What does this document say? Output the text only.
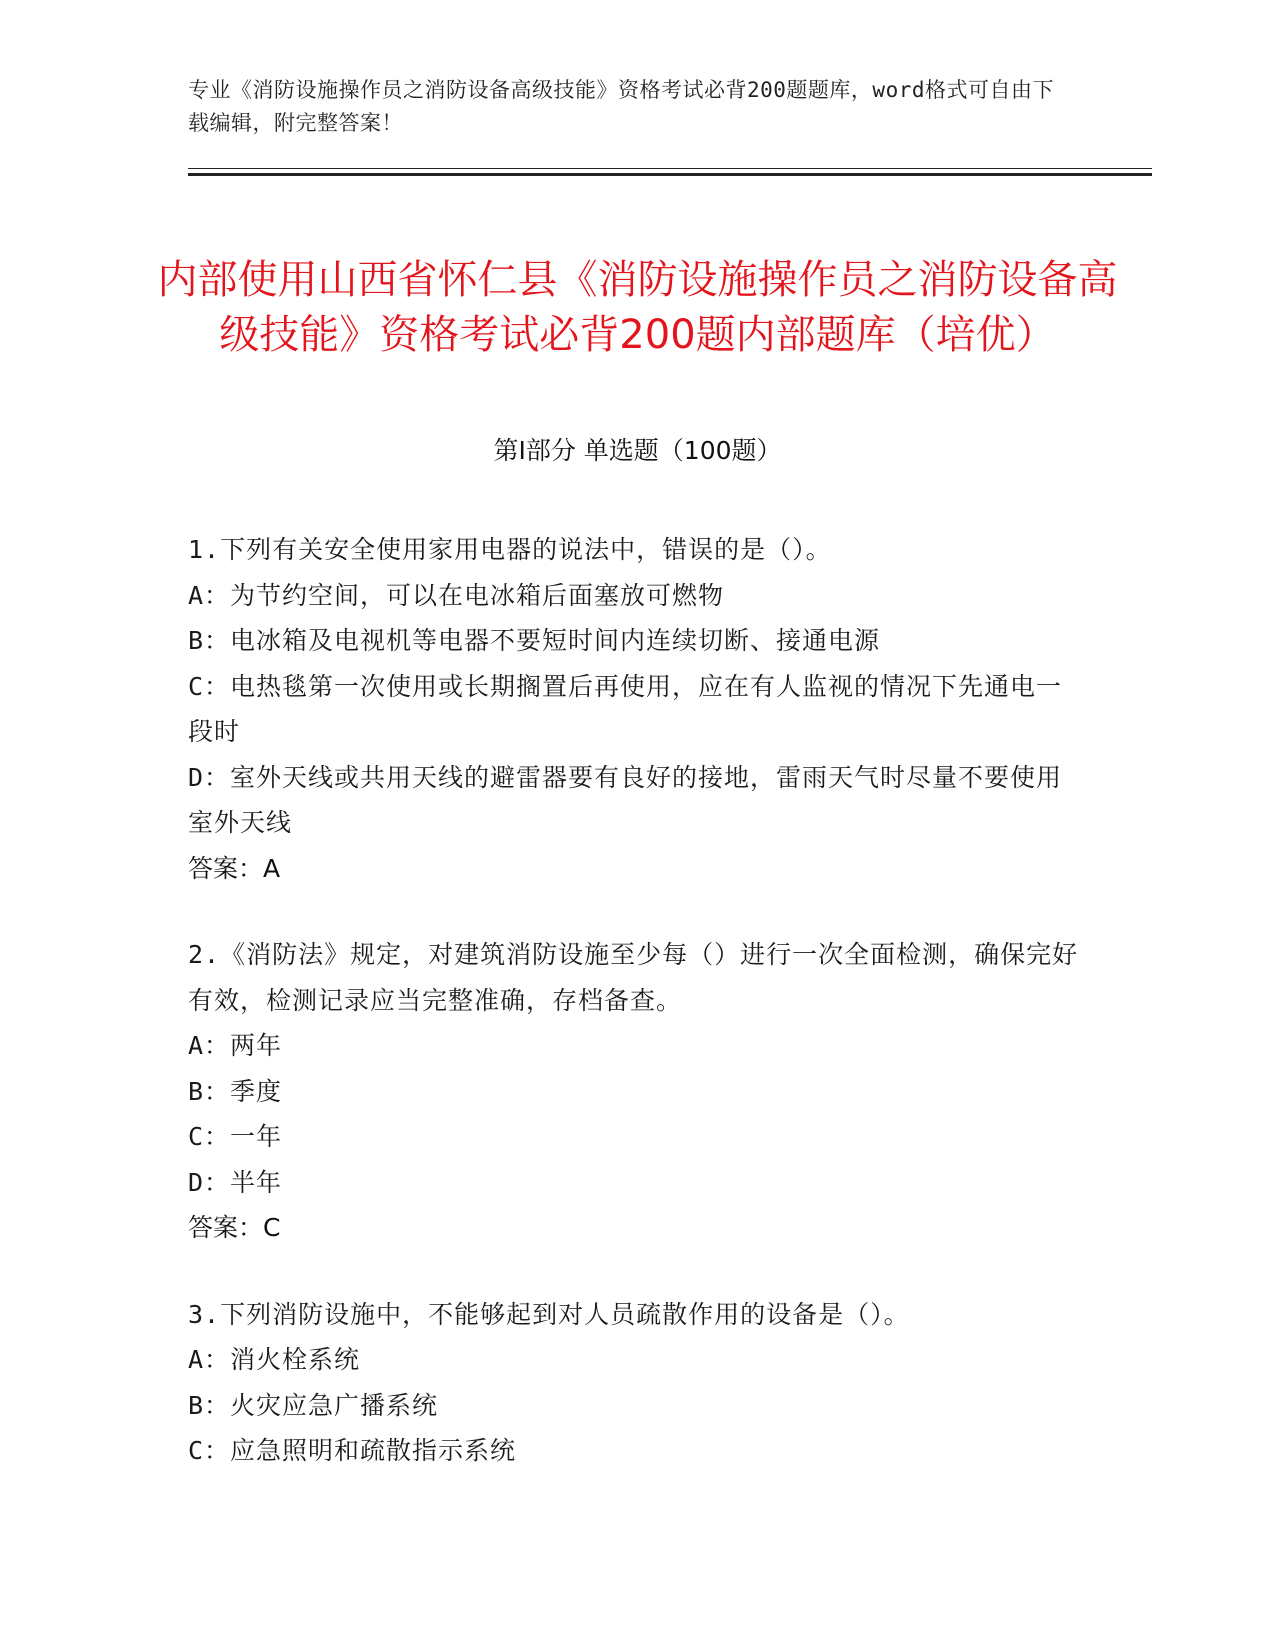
专业《消防设施操作员之消防设备高级技能》资格考试必背200题题库，word格式可自由下载编辑，附完整答案！
内部使用山西省怀仁县《消防设施操作员之消防设备高级技能》资格考试必背200题内部题库（培优）
第Ⅰ部分 单选题（100题）
1.下列有关安全使用家用电器的说法中，错误的是（）。
A：为节约空间，可以在电冰箱后面塞放可燃物
B：电冰箱及电视机等电器不要短时间内连续切断、接通电源
C：电热毯第一次使用或长期搁置后再使用，应在有人监视的情况下先通电一段时
D：室外天线或共用天线的避雷器要有良好的接地，雷雨天气时尽量不要使用室外天线
答案：A
2.《消防法》规定，对建筑消防设施至少每（）进行一次全面检测，确保完好有效，检测记录应当完整准确，存档备查。
A：两年
B：季度
C：一年
D：半年
答案：C
3.下列消防设施中，不能够起到对人员疏散作用的设备是（）。
A：消火栓系统
B：火灾应急广播系统
C：应急照明和疏散指示系统
